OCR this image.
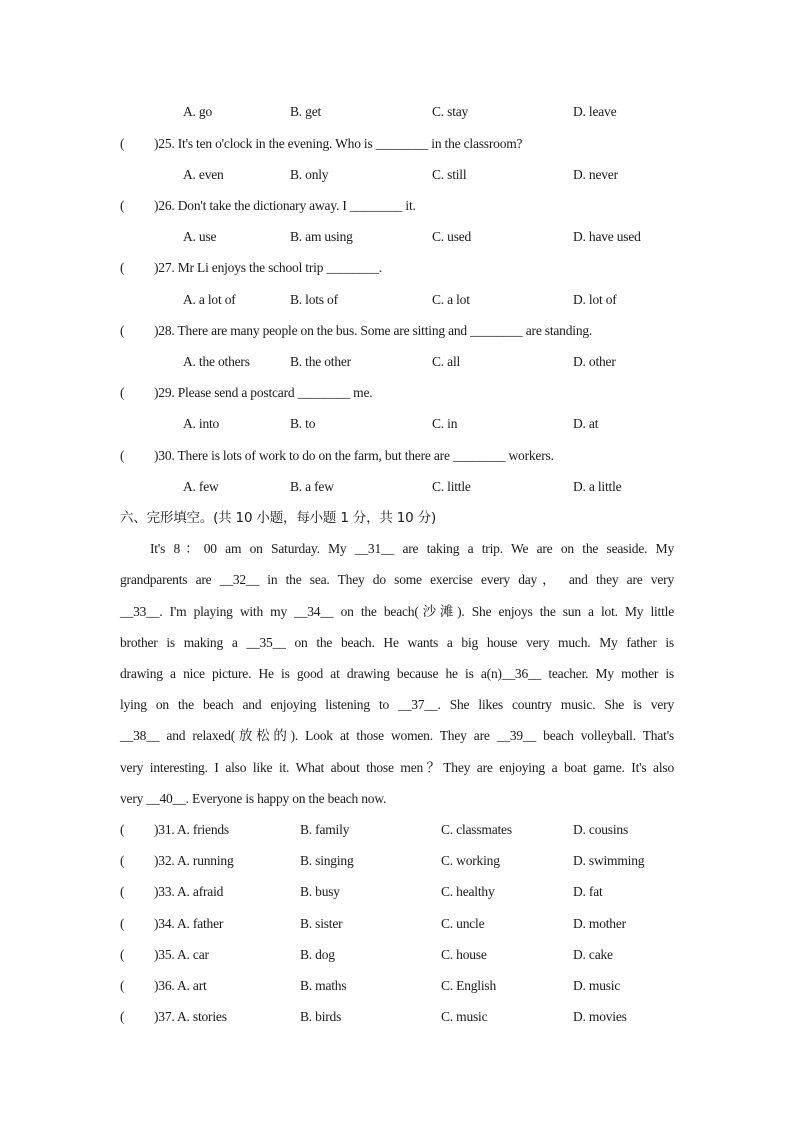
A. go	B. get	C. stay	D. leave
( )25. It's ten o'clock in the evening. Who is ________ in the classroom?
A. even	B. only	C. still	D. never
( )26. Don't take the dictionary away. I ________ it.
A. use	B. am using	C. used	D. have used
( )27. Mr Li enjoys the school trip ________.
A. a lot of	B. lots of	C. a lot	D. lot of
( )28. There are many people on the bus. Some are sitting and ________ are standing.
A. the others	B. the other	C. all	D. other
( )29. Please send a postcard ________ me.
A. into	B. to	C. in	D. at
( )30. There is lots of work to do on the farm, but there are ________ workers.
A. few	B. a few	C. little	D. a little
六、完形填空。(共 10 小题，每小题 1 分，共 10 分)
It's 8：00 am on Saturday. My __31__ are taking a trip. We are on the seaside. My
grandparents are __32__ in the sea. They do some exercise every day， and they are very
__33__. I'm playing with my __34__ on the beach(沙滩). She enjoys the sun a lot. My little
brother is making a __35__ on the beach. He wants a big house very much. My father is
drawing a nice picture. He is good at drawing because he is a(n)__36__ teacher. My mother is
lying on the beach and enjoying listening to __37__. She likes country music. She is very
__38__ and relaxed(放松的). Look at those women. They are __39__ beach volleyball. That's
very interesting. I also like it. What about those men？They are enjoying a boat game. It's also
very __40__. Everyone is happy on the beach now.
( )31. A. friends	B. family	C. classmates	D. cousins
( )32. A. running	B. singing	C. working	D. swimming
( )33. A. afraid	B. busy	C. healthy	D. fat
( )34. A. father	B. sister	C. uncle	D. mother
( )35. A. car	B. dog	C. house	D. cake
( )36. A. art	B. maths	C. English	D. music
( )37. A. stories	B. birds	C. music	D. movies
